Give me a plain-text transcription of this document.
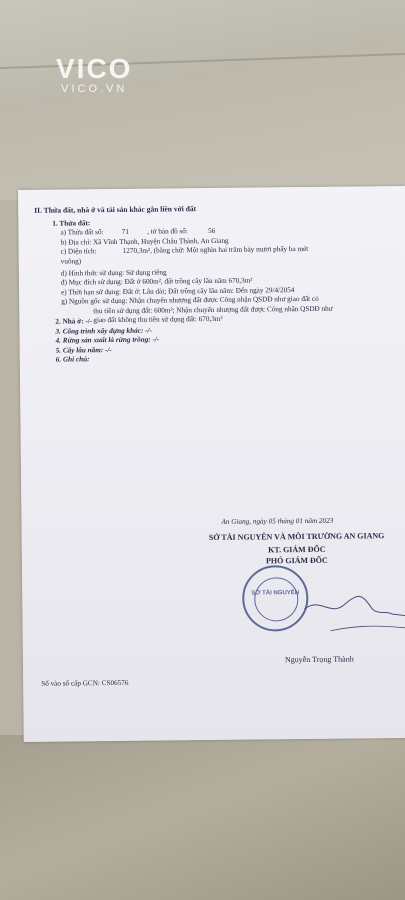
VICO
VICO.VN
II. Thửa đất, nhà ở và tài sản khác gắn liền với đất
1. Thửa đất:
a) Thửa đất số:	71	, tờ bản đồ số:	56
b) Địa chỉ: Xã Vĩnh Thạnh, Huyện Châu Thành, An Giang
c) Diện tích:	1270,3m², (bằng chữ: Một nghìn hai trăm bảy mươi phẩy ba mét
vuông)
d) Hình thức sử dụng: Sử dụng riêng
đ) Mục đích sử dụng: Đất ở 600m², đất trồng cây lâu năm 670,3m²
e) Thời hạn sử dụng: Đất ở: Lâu dài; Đất trồng cây lâu năm: Đến ngày 29/4/2054
g) Nguồn gốc sử dụng: Nhận chuyển nhượng đất được Công nhận QSDĐ như giao đất có
thu tiền sử dụng đất: 600m²; Nhận chuyển nhượng đất được Công nhận QSDĐ như
giao đất không thu tiền sử dụng đất: 670,3m²
2. Nhà ở: -/-
3. Công trình xây dựng khác: -/-
4. Rừng sản xuất là rừng trồng: -/-
5. Cây lâu năm: -/-
6. Ghi chú:
An Giang, ngày 05 tháng 01 năm 2023
SỞ TÀI NGUYÊN VÀ MÔI TRƯỜNG AN GIANG
KT. GIÁM ĐỐC
PHÓ GIÁM ĐỐC
SỞ TÀI NGUYÊN
Nguyễn Trọng Thành
Số vào sổ cấp GCN: CS06576
